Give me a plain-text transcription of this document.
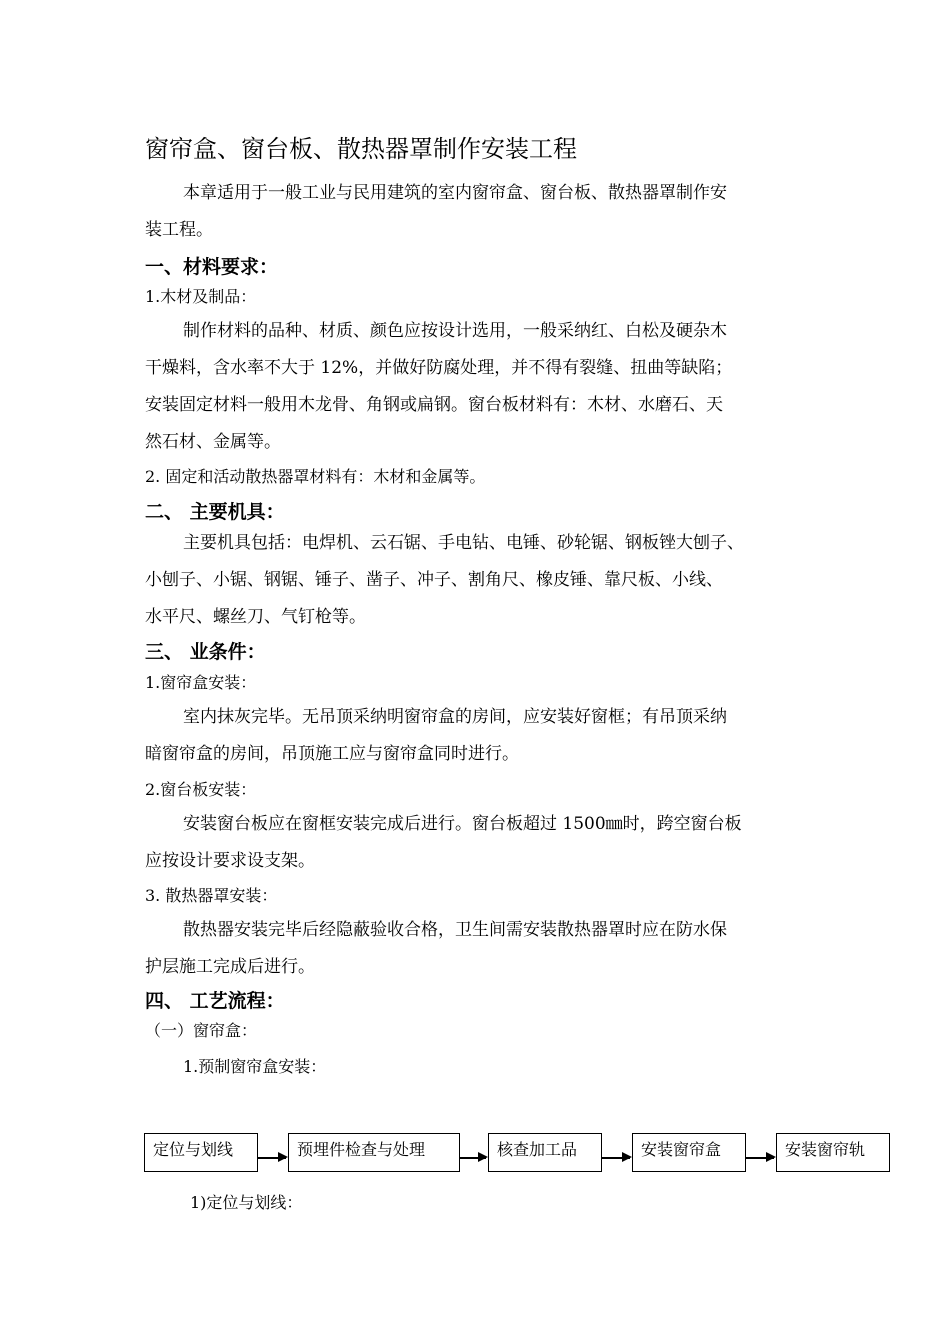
窗帘盒、窗台板、散热器罩制作安装工程
本章适用于一般工业与民用建筑的室内窗帘盒、窗台板、散热器罩制作安
装工程。
一、材料要求：
1.木材及制品：
制作材料的品种、材质、颜色应按设计选用，一般采纳红、白松及硬杂木
干燥料，含水率不大于 12%，并做好防腐处理，并不得有裂缝、扭曲等缺陷；
安装固定材料一般用木龙骨、角钢或扁钢。窗台板材料有：木材、水磨石、天
然石材、金属等。
2. 固定和活动散热器罩材料有：木材和金属等。
二、 主要机具：
主要机具包括：电焊机、云石锯、手电钻、电锤、砂轮锯、钢板锉大刨子、
小刨子、小锯、钢锯、锤子、凿子、冲子、割角尺、橡皮锤、靠尺板、小线、
水平尺、螺丝刀、气钉枪等。
三、 业条件：
1.窗帘盒安装：
室内抹灰完毕。无吊顶采纳明窗帘盒的房间，应安装好窗框；有吊顶采纳
暗窗帘盒的房间，吊顶施工应与窗帘盒同时进行。
2.窗台板安装：
安装窗台板应在窗框安装完成后进行。窗台板超过 1500㎜时，跨空窗台板
应按设计要求设支架。
3. 散热器罩安装：
散热器安装完毕后经隐蔽验收合格，卫生间需安装散热器罩时应在防水保
护层施工完成后进行。
四、 工艺流程：
（一）窗帘盒：
1.预制窗帘盒安装：
定位与划线	预埋件检查与处理	核查加工品	安装窗帘盒	安装窗帘轨
1)定位与划线：
